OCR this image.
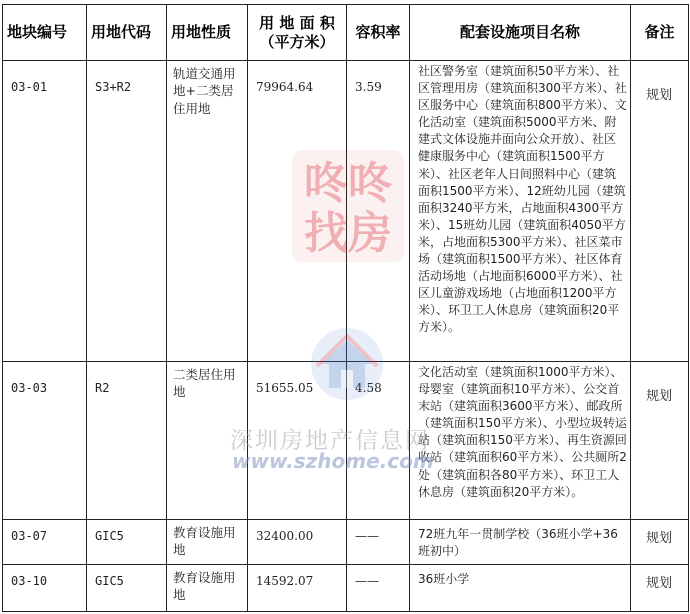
地块编号	用地代码	用地性质	用 地 面 积 （平方米）	容积率	配套设施项目名称	备注
03-01	S3+R2	轨道交通用地+二类居住用地	79964.64	3.59	社区警务室（建筑面积50平方米）、社区管理用房（建筑面积300平方米）、社区服务中心（建筑面积800平方米）、文化活动室（建筑面积5000平方米、附建式文体设施并面向公众开放）、社区健康服务中心（建筑面积1500平方米）、社区老年人日间照料中心（建筑面积1500平方米）、12班幼儿园（建筑面积3240平方米，占地面积4300平方米）、15班幼儿园（建筑面积4050平方米，占地面积5300平方米）、社区菜市场（建筑面积1500平方米）、社区体育活动场地（占地面积6000平方米）、社区儿童游戏场地（占地面积1200平方米）、环卫工人休息房（建筑面积20平方米）。	规划
03-03	R2	二类居住用地	51655.05	4.58	文化活动室（建筑面积1000平方米）、母婴室（建筑面积10平方米）、公交首末站（建筑面积3600平方米）、邮政所（建筑面积150平方米）、小型垃圾转运站（建筑面积150平方米）、再生资源回收站（建筑面积60平方米）、公共厕所2处（建筑面积各80平方米）、环卫工人休息房（建筑面积20平方米）。	规划
03-07	GIC5	教育设施用地	32400.00	——	72班九年一贯制学校（36班小学+36班初中）	规划
03-10	GIC5	教育设施用地	14592.07	——	36班小学	规划
咚咚
找房
深圳房地产信息网
www.szhome.com
